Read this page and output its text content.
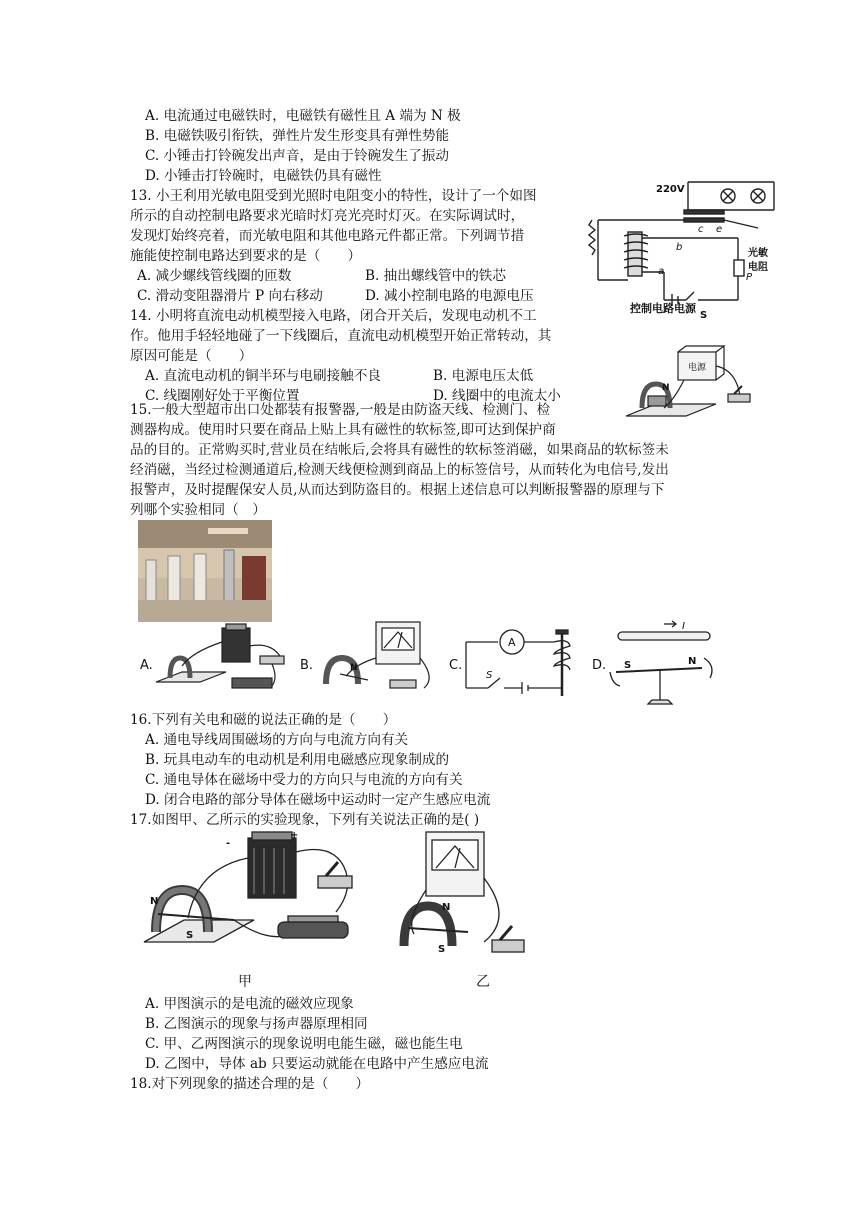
A. 电流通过电磁铁时，电磁铁有磁性且 A 端为 N 极
B. 电磁铁吸引衔铁，弹性片发生形变具有弹性势能
C. 小锤击打铃碗发出声音，是由于铃碗发生了振动
D. 小锤击打铃碗时，电磁铁仍具有磁性
13. 小王利用光敏电阻受到光照时电阻变小的特性，设计了一个如图
所示的自动控制电路要求光暗时灯亮光亮时灯灭。在实际调试时，
发现灯始终亮着，而光敏电阻和其他电路元件都正常。下列调节措
施能使控制电路达到要求的是（　　）
A. 减少螺线管线圈的匝数	B. 抽出螺线管中的铁芯
C. 滑动变阻器滑片 P 向右移动	D. 减小控制电路的电源电压
220V
c e
b
a
S
P
光敏
电阻
控制电路电源
14. 小明将直流电动机模型接入电路，闭合开关后，发现电动机不工
作。他用手轻轻地碰了一下线圈后，直流电动机模型开始正常转动，其
原因可能是（　　）
A. 直流电动机的铜半环与电刷接触不良	B. 电源电压太低
C. 线圈刚好处于平衡位置	D. 线圈中的电流太小
电源
N
15.一般大型超市出口处都装有报警器,一般是由防盗天线、检测门、检
测器构成。使用时只要在商品上贴上具有磁性的软标签,即可达到保护商
品的目的。正常购买时,营业员在结帐后,会将具有磁性的软标签消磁，如果商品的软标签未
经消磁，当经过检测通道后,检测天线便检测到商品上的标签信号，从而转化为电信号,发出
报警声，及时提醒保安人员,从而达到防盗目的。根据上述信息可以判断报警器的原理与下
列哪个实验相同（　）
A.	B.	C.	D.
N
A
S
I
S	N
16.下列有关电和磁的说法正确的是（　　）
A. 通电导线周围磁场的方向与电流方向有关
B. 玩具电动车的电动机是利用电磁感应现象制成的
C. 通电导体在磁场中受力的方向只与电流的方向有关
D. 闭合电路的部分导体在磁场中运动时一定产生感应电流
17.如图甲、乙所示的实验现象，下列有关说法正确的是( )
-
+
N
S
N
S
甲	乙
A. 甲图演示的是电流的磁效应现象
B. 乙图演示的现象与扬声器原理相同
C. 甲、乙两图演示的现象说明电能生磁，磁也能生电
D. 乙图中，导体 ab 只要运动就能在电路中产生感应电流
18.对下列现象的描述合理的是（　　）
